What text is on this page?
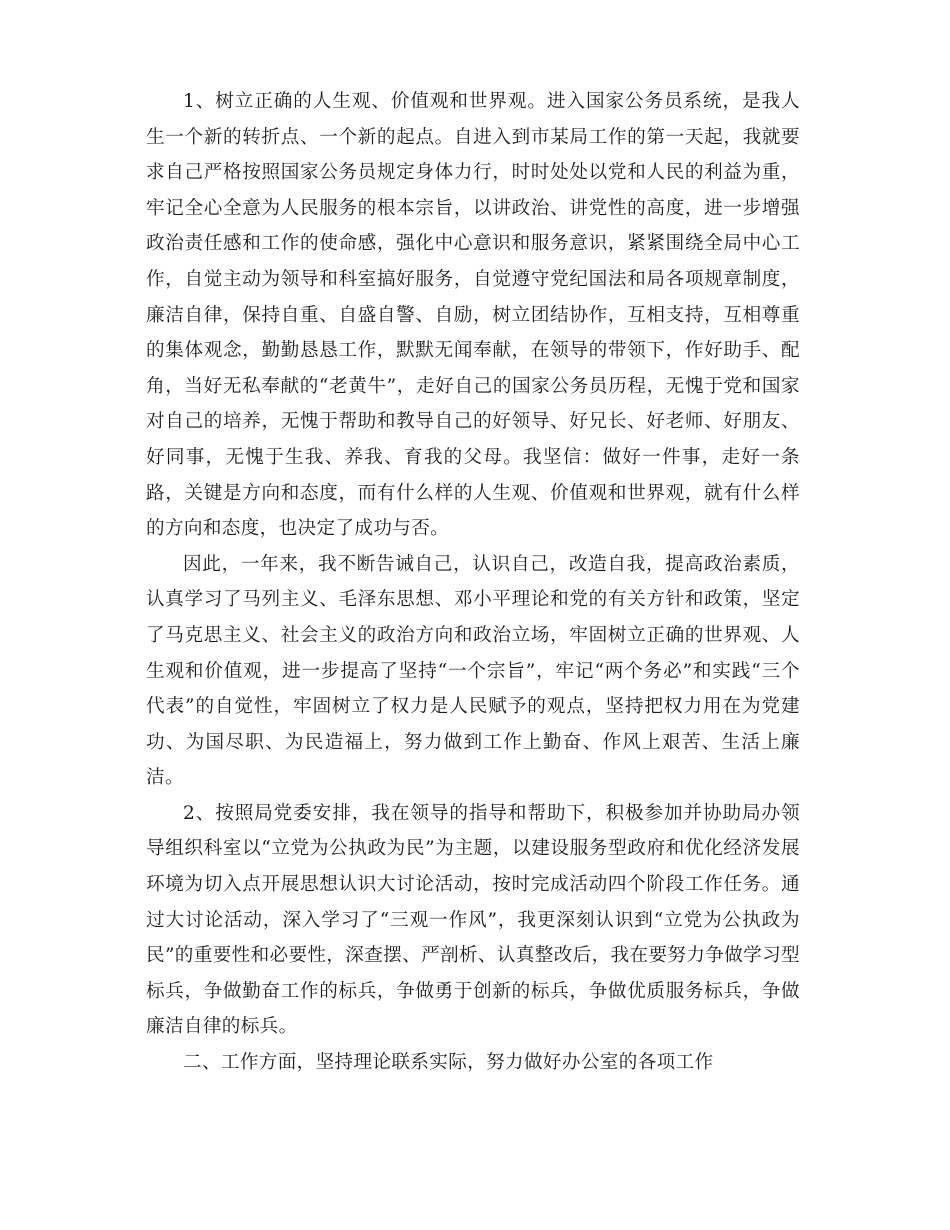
1、树立正确的人生观、价值观和世界观。进入国家公务员系统，是我人生一个新的转折点、一个新的起点。自进入到市某局工作的第一天起，我就要求自己严格按照国家公务员规定身体力行，时时处处以党和人民的利益为重，牢记全心全意为人民服务的根本宗旨，以讲政治、讲党性的高度，进一步增强政治责任感和工作的使命感，强化中心意识和服务意识，紧紧围绕全局中心工作，自觉主动为领导和科室搞好服务，自觉遵守党纪国法和局各项规章制度，廉洁自律，保持自重、自盛自警、自励，树立团结协作，互相支持，互相尊重的集体观念，勤勤恳恳工作，默默无闻奉献，在领导的带领下，作好助手、配角，当好无私奉献的“老黄牛”，走好自己的国家公务员历程，无愧于党和国家对自己的培养，无愧于帮助和教导自己的好领导、好兄长、好老师、好朋友、好同事，无愧于生我、养我、育我的父母。我坚信：做好一件事，走好一条路，关键是方向和态度，而有什么样的人生观、价值观和世界观，就有什么样的方向和态度，也决定了成功与否。

因此，一年来，我不断告诫自己，认识自己，改造自我，提高政治素质，认真学习了马列主义、毛泽东思想、邓小平理论和党的有关方针和政策，坚定了马克思主义、社会主义的政治方向和政治立场，牢固树立正确的世界观、人生观和价值观，进一步提高了坚持“一个宗旨”，牢记“两个务必”和实践“三个代表”的自觉性，牢固树立了权力是人民赋予的观点，坚持把权力用在为党建功、为国尽职、为民造福上，努力做到工作上勤奋、作风上艰苦、生活上廉洁。

2、按照局党委安排，我在领导的指导和帮助下，积极参加并协助局办领导组织科室以“立党为公执政为民”为主题，以建设服务型政府和优化经济发展环境为切入点开展思想认识大讨论活动，按时完成活动四个阶段工作任务。通过大讨论活动，深入学习了“三观一作风”，我更深刻认识到“立党为公执政为民”的重要性和必要性，深查摆、严剖析、认真整改后，我在要努力争做学习型标兵，争做勤奋工作的标兵，争做勇于创新的标兵，争做优质服务标兵，争做廉洁自律的标兵。

二、工作方面，坚持理论联系实际，努力做好办公室的各项工作
